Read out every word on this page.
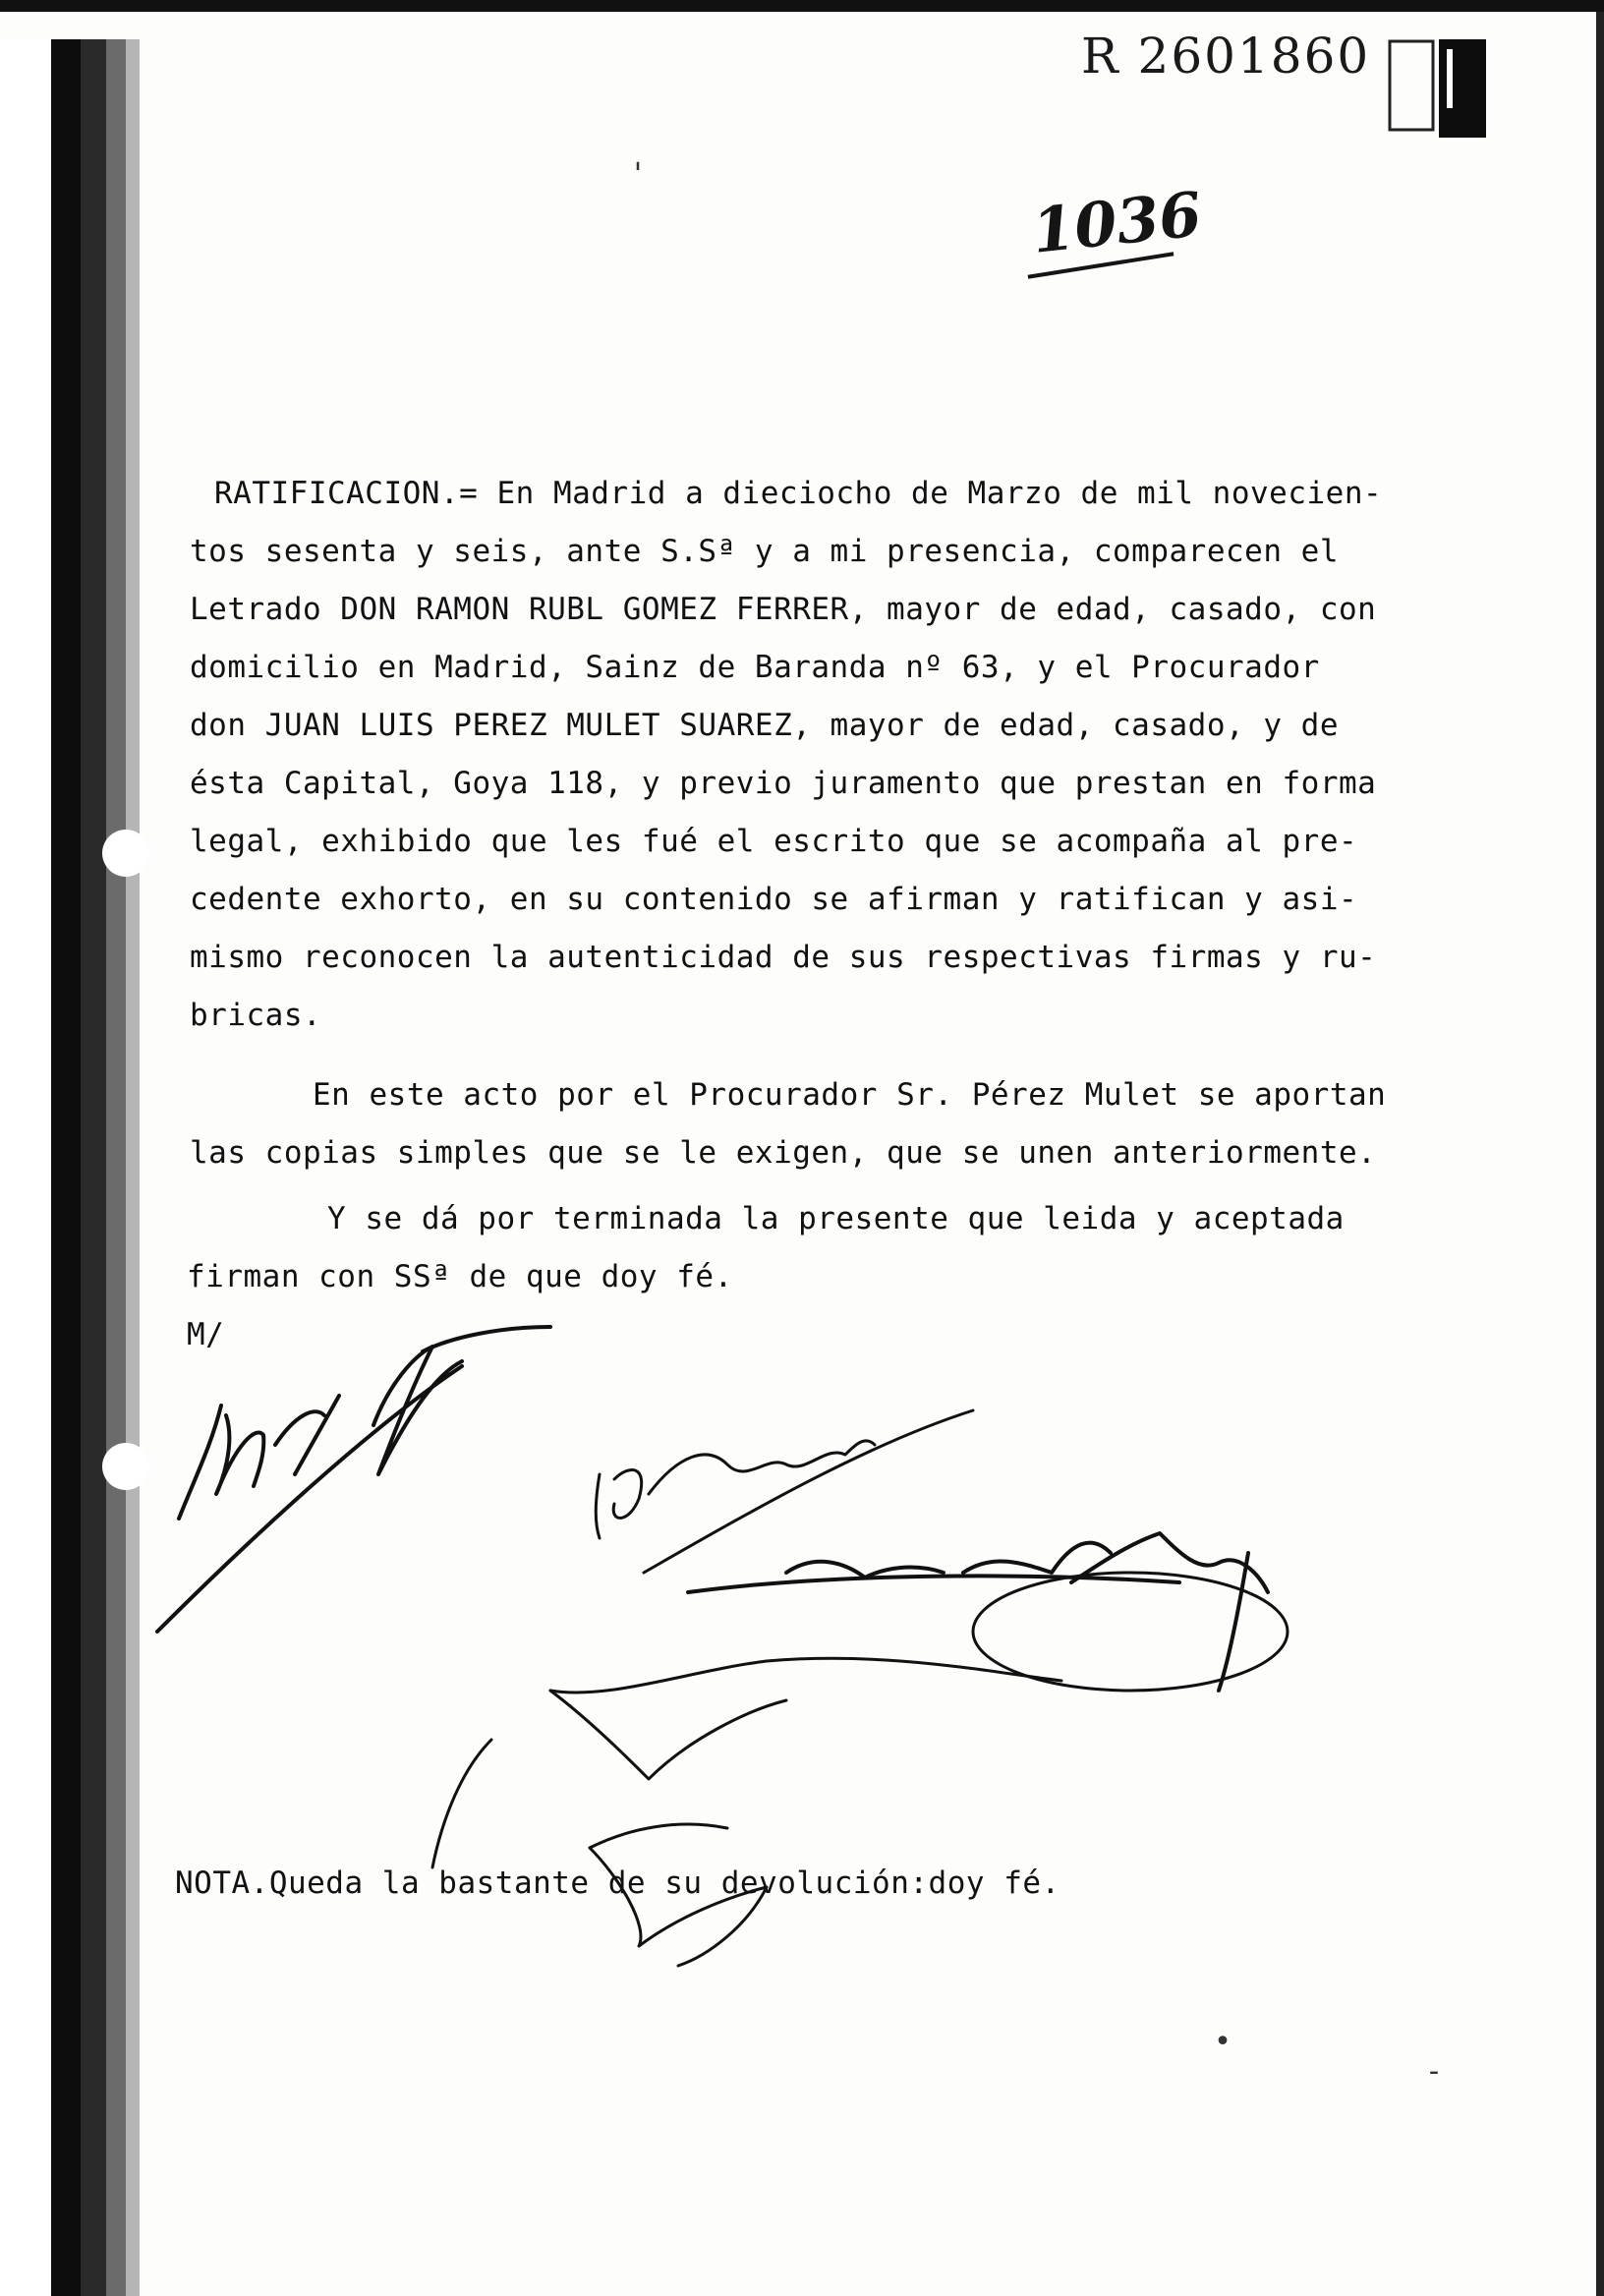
R 2601860
1036
'
RATIFICACION.= En Madrid a dieciocho de Marzo de mil novecien-
tos sesenta y seis, ante S.Sª y a mi presencia, comparecen el
Letrado DON RAMON RUBL GOMEZ FERRER, mayor de edad, casado, con
domicilio en Madrid, Sainz de Baranda nº 63, y el Procurador
don JUAN LUIS PEREZ MULET SUAREZ, mayor de edad, casado, y de
ésta Capital, Goya 118, y previo juramento que prestan en forma
legal, exhibido que les fué el escrito que se acompaña al pre-
cedente exhorto, en su contenido se afirman y ratifican y asi-
mismo reconocen la autenticidad de sus respectivas firmas y ru-
bricas.
En este acto por el Procurador Sr. Pérez Mulet se aportan
las copias simples que se le exigen, que se unen anteriormente.
Y se dá por terminada la presente que leida y aceptada
firman con SSª de que doy fé.
M/
NOTA.Queda la bastante de su devolución:doy fé.
•
-
